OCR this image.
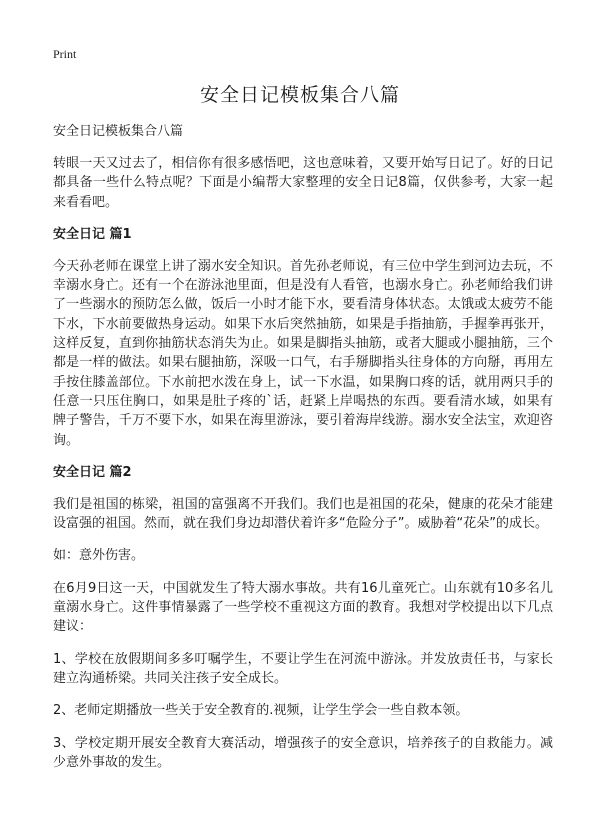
Print
安全日记模板集合八篇

安全日记模板集合八篇

转眼一天又过去了，相信你有很多感悟吧，这也意味着，又要开始写日记了。好的日记都具备一些什么特点呢？下面是小编帮大家整理的安全日记8篇，仅供参考，大家一起来看看吧。

安全日记 篇1

今天孙老师在课堂上讲了溺水安全知识。首先孙老师说，有三位中学生到河边去玩，不幸溺水身亡。还有一个在游泳池里面，但是没有人看管，也溺水身亡。孙老师给我们讲了一些溺水的预防怎么做，饭后一小时才能下水，要看清身体状态。太饿或太疲劳不能下水，下水前要做热身运动。如果下水后突然抽筋，如果是手指抽筋，手握拳再张开，这样反复，直到你抽筋状态消失为止。如果是脚指头抽筋，或者大腿或小腿抽筋，三个都是一样的做法。如果右腿抽筋，深吸一口气，右手掰脚指头往身体的方向掰，再用左手按住膝盖部位。下水前把水泼在身上，试一下水温，如果胸口疼的话，就用两只手的任意一只压住胸口，如果是肚子疼的`话，赶紧上岸喝热的东西。要看清水域，如果有牌子警告，千万不要下水，如果在海里游泳，要引着海岸线游。溺水安全法宝，欢迎咨询。

安全日记 篇2

我们是祖国的栋梁，祖国的富强离不开我们。我们也是祖国的花朵，健康的花朵才能建设富强的祖国。然而，就在我们身边却潜伏着许多“危险分子”。威胁着“花朵”的成长。

如：意外伤害。

在6月9日这一天，中国就发生了特大溺水事故。共有16儿童死亡。山东就有10多名儿童溺水身亡。这件事情暴露了一些学校不重视这方面的教育。我想对学校提出以下几点建议：

1、学校在放假期间多多叮嘱学生，不要让学生在河流中游泳。并发放责任书，与家长建立沟通桥梁。共同关注孩子安全成长。

2、老师定期播放一些关于安全教育的.视频，让学生学会一些自救本领。

3、学校定期开展安全教育大赛活动，增强孩子的安全意识，培养孩子的自救能力。减少意外事故的发生。
